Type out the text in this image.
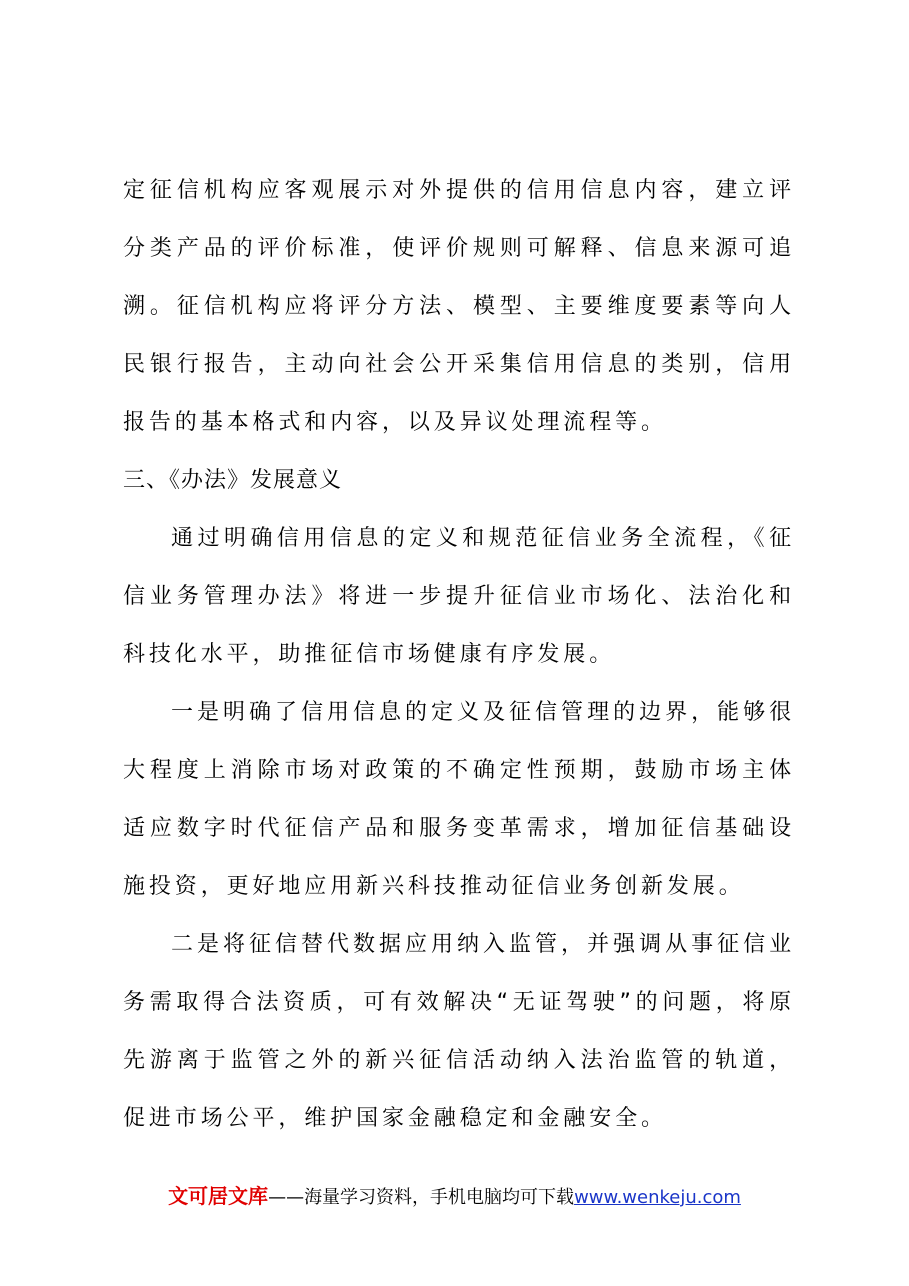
定征信机构应客观展示对外提供的信用信息内容，建立评分类产品的评价标准，使评价规则可解释、信息来源可追溯。征信机构应将评分方法、模型、主要维度要素等向人民银行报告，主动向社会公开采集信用信息的类别，信用报告的基本格式和内容，以及异议处理流程等。

三、《办法》发展意义

通过明确信用信息的定义和规范征信业务全流程，《征信业务管理办法》将进一步提升征信业市场化、法治化和科技化水平，助推征信市场健康有序发展。

一是明确了信用信息的定义及征信管理的边界，能够很大程度上消除市场对政策的不确定性预期，鼓励市场主体适应数字时代征信产品和服务变革需求，增加征信基础设施投资，更好地应用新兴科技推动征信业务创新发展。

二是将征信替代数据应用纳入监管，并强调从事征信业务需取得合法资质，可有效解决“无证驾驶”的问题，将原先游离于监管之外的新兴征信活动纳入法治监管的轨道，促进市场公平，维护国家金融稳定和金融安全。

文可居文库——海量学习资料，手机电脑均可下载www.wenkeju.com
